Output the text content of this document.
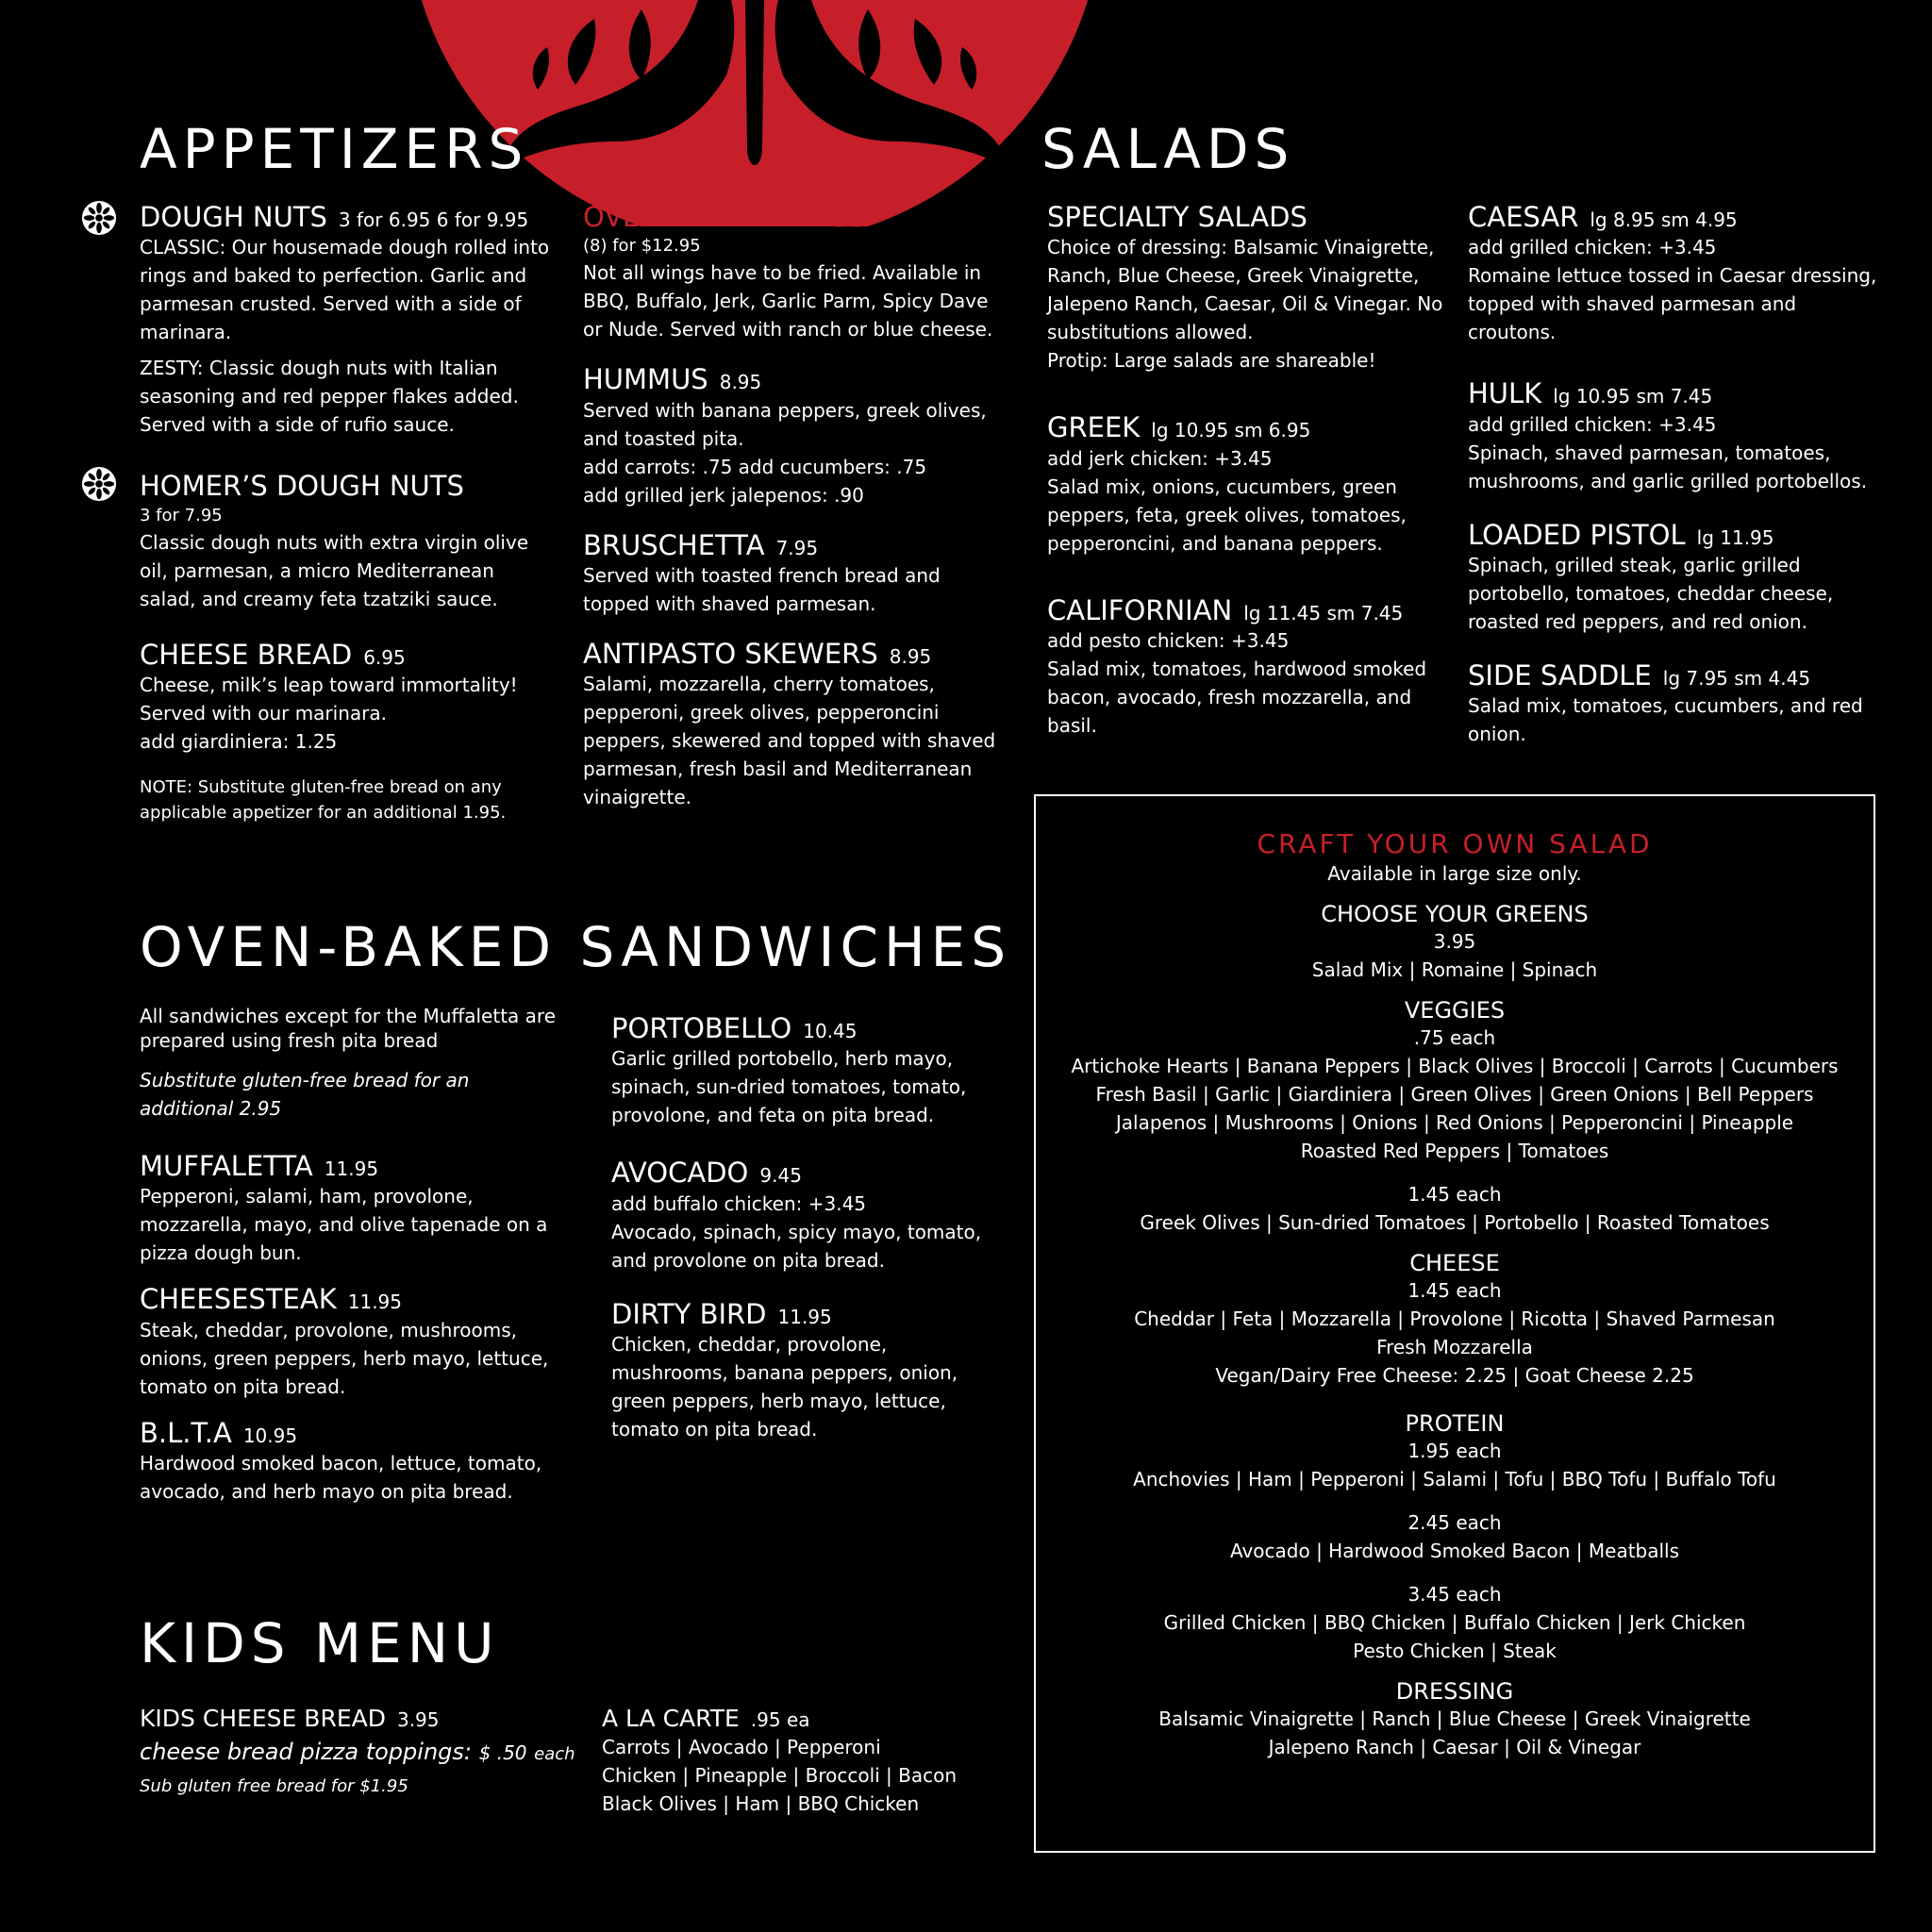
APPETIZERS	SALADS
OVEN-BAKED SANDWICHES
KIDS MENU
DOUGH NUTS 3 for 6.95 6 for 9.95
CLASSIC: Our housemade dough rolled into rings and baked to perfection. Garlic and parmesan crusted. Served with a side of marinara.
ZESTY: Classic dough nuts with Italian seasoning and red pepper flakes added. Served with a side of rufio sauce.
HOMER’S DOUGH NUTS
3 for 7.95
Classic dough nuts with extra virgin olive oil, parmesan, a micro Mediterranean salad, and creamy feta tzatziki sauce.
CHEESE BREAD 6.95
Cheese, milk’s leap toward immortality! Served with our marinara.
add giardiniera: 1.25
NOTE: Substitute gluten-free bread on any applicable appetizer for an additional 1.95.
OVEN BAKED WINGS
(8) for $12.95
Not all wings have to be fried. Available in BBQ, Buffalo, Jerk, Garlic Parm, Spicy Dave or Nude. Served with ranch or blue cheese.
HUMMUS 8.95
Served with banana peppers, greek olives, and toasted pita.
add carrots: .75 add cucumbers: .75
add grilled jerk jalepenos: .90
BRUSCHETTA 7.95
Served with toasted french bread and topped with shaved parmesan.
ANTIPASTO SKEWERS 8.95
Salami, mozzarella, cherry tomatoes, pepperoni, greek olives, pepperoncini peppers, skewered and topped with shaved parmesan, fresh basil and Mediterranean vinaigrette.
SPECIALTY SALADS
Choice of dressing: Balsamic Vinaigrette, Ranch, Blue Cheese, Greek Vinaigrette, Jalepeno Ranch, Caesar, Oil & Vinegar. No substitutions allowed.
Protip: Large salads are shareable!
GREEK lg 10.95 sm 6.95
add jerk chicken: +3.45
Salad mix, onions, cucumbers, green peppers, feta, greek olives, tomatoes, pepperoncini, and banana peppers.
CALIFORNIAN lg 11.45 sm 7.45
add pesto chicken: +3.45
Salad mix, tomatoes, hardwood smoked bacon, avocado, fresh mozzarella, and basil.
CAESAR lg 8.95 sm 4.95
add grilled chicken: +3.45
Romaine lettuce tossed in Caesar dressing, topped with shaved parmesan and croutons.
HULK lg 10.95 sm 7.45
add grilled chicken: +3.45
Spinach, shaved parmesan, tomatoes, mushrooms, and garlic grilled portobellos.
LOADED PISTOL lg 11.95
Spinach, grilled steak, garlic grilled portobello, tomatoes, cheddar cheese, roasted red peppers, and red onion.
SIDE SADDLE lg 7.95 sm 4.45
Salad mix, tomatoes, cucumbers, and red onion.
CRAFT YOUR OWN SALAD
Available in large size only.
CHOOSE YOUR GREENS
3.95
Salad Mix | Romaine | Spinach
VEGGIES
.75 each
Artichoke Hearts | Banana Peppers | Black Olives | Broccoli | Carrots | Cucumbers
Fresh Basil | Garlic | Giardiniera | Green Olives | Green Onions | Bell Peppers
Jalapenos | Mushrooms | Onions | Red Onions | Pepperoncini | Pineapple
Roasted Red Peppers | Tomatoes
1.45 each
Greek Olives | Sun-dried Tomatoes | Portobello | Roasted Tomatoes
CHEESE
1.45 each
Cheddar | Feta | Mozzarella | Provolone | Ricotta | Shaved Parmesan
Fresh Mozzarella
Vegan/Dairy Free Cheese: 2.25 | Goat Cheese 2.25
PROTEIN
1.95 each
Anchovies | Ham | Pepperoni | Salami | Tofu | BBQ Tofu | Buffalo Tofu
2.45 each
Avocado | Hardwood Smoked Bacon | Meatballs
3.45 each
Grilled Chicken | BBQ Chicken | Buffalo Chicken | Jerk Chicken
Pesto Chicken | Steak
DRESSING
Balsamic Vinaigrette | Ranch | Blue Cheese | Greek Vinaigrette
Jalepeno Ranch | Caesar | Oil & Vinegar
All sandwiches except for the Muffaletta are prepared using fresh pita bread
Substitute gluten-free bread for an additional 2.95
MUFFALETTA 11.95
Pepperoni, salami, ham, provolone, mozzarella, mayo, and olive tapenade on a pizza dough bun.
CHEESESTEAK 11.95
Steak, cheddar, provolone, mushrooms, onions, green peppers, herb mayo, lettuce, tomato on pita bread.
B.L.T.A 10.95
Hardwood smoked bacon, lettuce, tomato, avocado, and herb mayo on pita bread.
PORTOBELLO 10.45
Garlic grilled portobello, herb mayo, spinach, sun-dried tomatoes, tomato, provolone, and feta on pita bread.
AVOCADO 9.45
add buffalo chicken: +3.45
Avocado, spinach, spicy mayo, tomato, and provolone on pita bread.
DIRTY BIRD 11.95
Chicken, cheddar, provolone, mushrooms, banana peppers, onion, green peppers, herb mayo, lettuce, tomato on pita bread.
KIDS CHEESE BREAD 3.95
cheese bread pizza toppings: $ .50 each
Sub gluten free bread for $1.95
A LA CARTE .95 ea
Carrots | Avocado | Pepperoni
Chicken | Pineapple | Broccoli | Bacon
Black Olives | Ham | BBQ Chicken
